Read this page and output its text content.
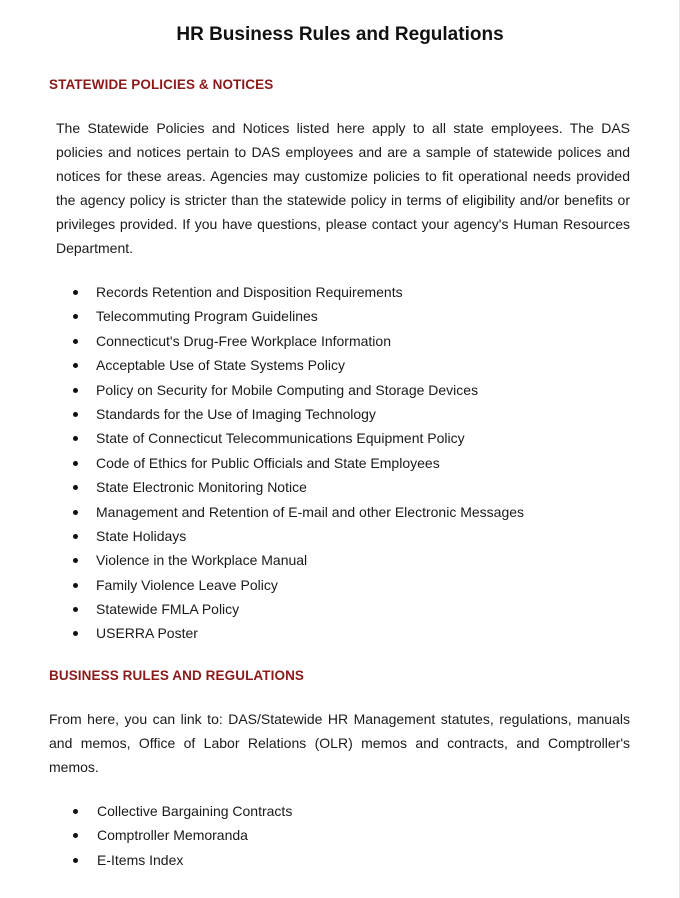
HR Business Rules and Regulations
STATEWIDE POLICIES & NOTICES

The Statewide Policies and Notices listed here apply to all state employees. The DAS policies and notices pertain to DAS employees and are a sample of statewide polices and notices for these areas. Agencies may customize policies to fit operational needs provided the agency policy is stricter than the statewide policy in terms of eligibility and/or benefits or privileges provided. If you have questions, please contact your agency's Human Resources Department.

Records Retention and Disposition Requirements
Telecommuting Program Guidelines
Connecticut's Drug-Free Workplace Information
Acceptable Use of State Systems Policy
Policy on Security for Mobile Computing and Storage Devices
Standards for the Use of Imaging Technology
State of Connecticut Telecommunications Equipment Policy
Code of Ethics for Public Officials and State Employees
State Electronic Monitoring Notice
Management and Retention of E-mail and other Electronic Messages
State Holidays
Violence in the Workplace Manual
Family Violence Leave Policy
Statewide FMLA Policy
USERRA Poster
BUSINESS RULES AND REGULATIONS

From here, you can link to: DAS/Statewide HR Management statutes, regulations, manuals and memos, Office of Labor Relations (OLR) memos and contracts, and Comptroller's memos.

Collective Bargaining Contracts
Comptroller Memoranda
E-Items Index
